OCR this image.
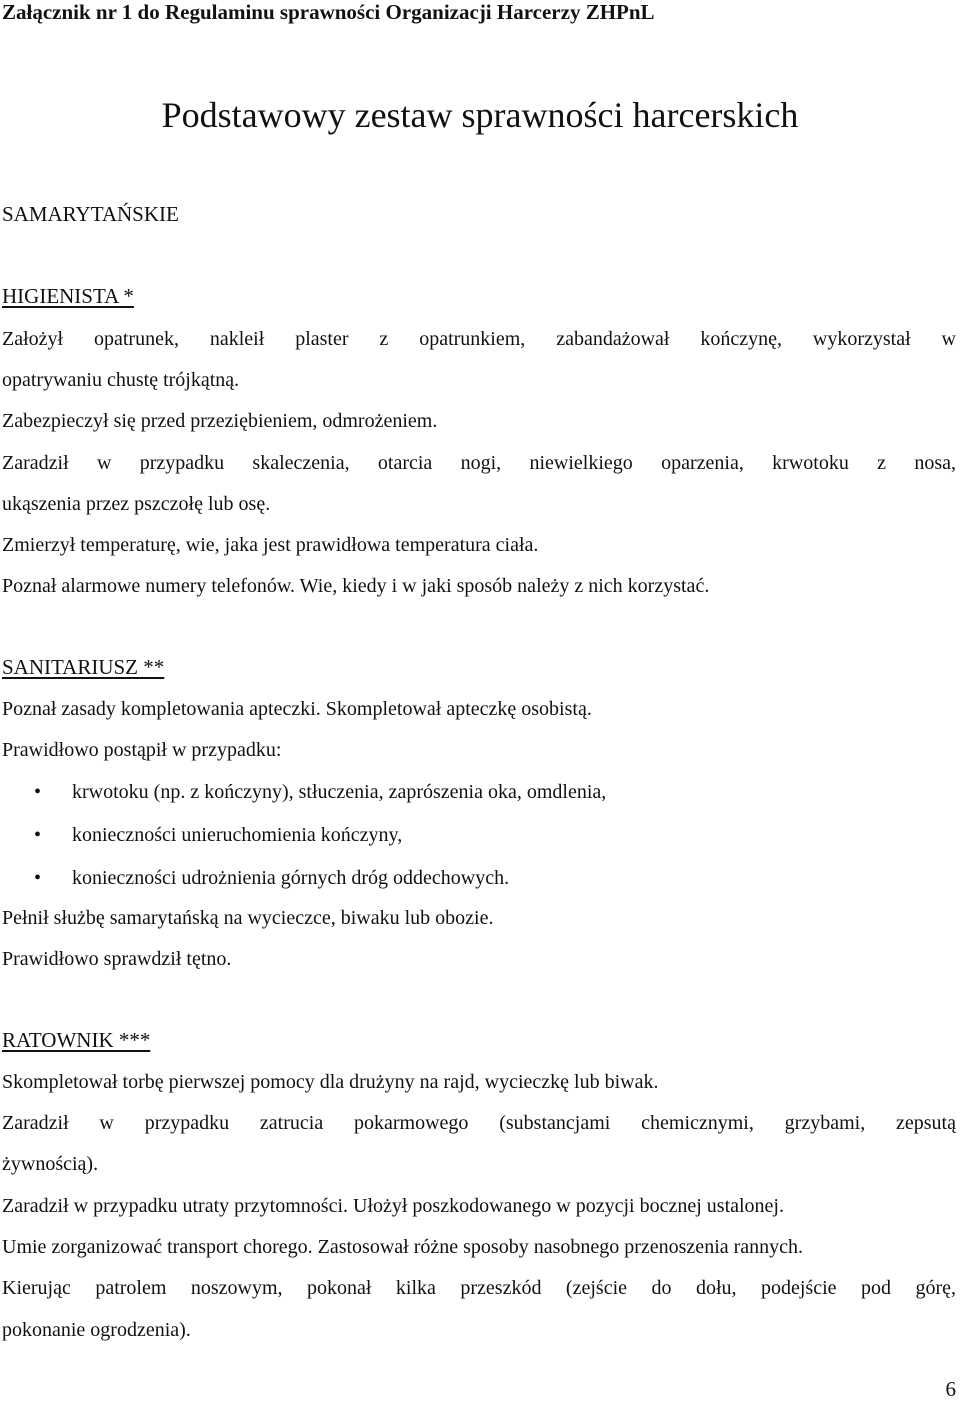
Załącznik nr 1 do Regulaminu sprawności Organizacji Harcerzy ZHPnL
Podstawowy zestaw sprawności harcerskich
SAMARYTAŃSKIE
HIGIENISTA *
Założył opatrunek, nakleił plaster z opatrunkiem, zabandażował kończynę, wykorzystał w
opatrywaniu chustę trójkątną.
Zabezpieczył się przed przeziębieniem, odmrożeniem.
Zaradził w przypadku skaleczenia, otarcia nogi, niewielkiego oparzenia, krwotoku z nosa,
ukąszenia przez pszczołę lub osę.
Zmierzył temperaturę, wie, jaka jest prawidłowa temperatura ciała.
Poznał alarmowe numery telefonów. Wie, kiedy i w jaki sposób należy z nich korzystać.
SANITARIUSZ **
Poznał zasady kompletowania apteczki. Skompletował apteczkę osobistą.
Prawidłowo postąpił w przypadku:
•	krwotoku (np. z kończyny), stłuczenia, zaprószenia oka, omdlenia,
•	konieczności unieruchomienia kończyny,
•	konieczności udrożnienia górnych dróg oddechowych.
Pełnił służbę samarytańską na wycieczce, biwaku lub obozie.
Prawidłowo sprawdził tętno.
RATOWNIK ***
Skompletował torbę pierwszej pomocy dla drużyny na rajd, wycieczkę lub biwak.
Zaradził w przypadku zatrucia pokarmowego (substancjami chemicznymi, grzybami, zepsutą
żywnością).
Zaradził w przypadku utraty przytomności. Ułożył poszkodowanego w pozycji bocznej ustalonej.
Umie zorganizować transport chorego. Zastosował różne sposoby nasobnego przenoszenia rannych.
Kierując patrolem noszowym, pokonał kilka przeszkód (zejście do dołu, podejście pod górę,
pokonanie ogrodzenia).
6
